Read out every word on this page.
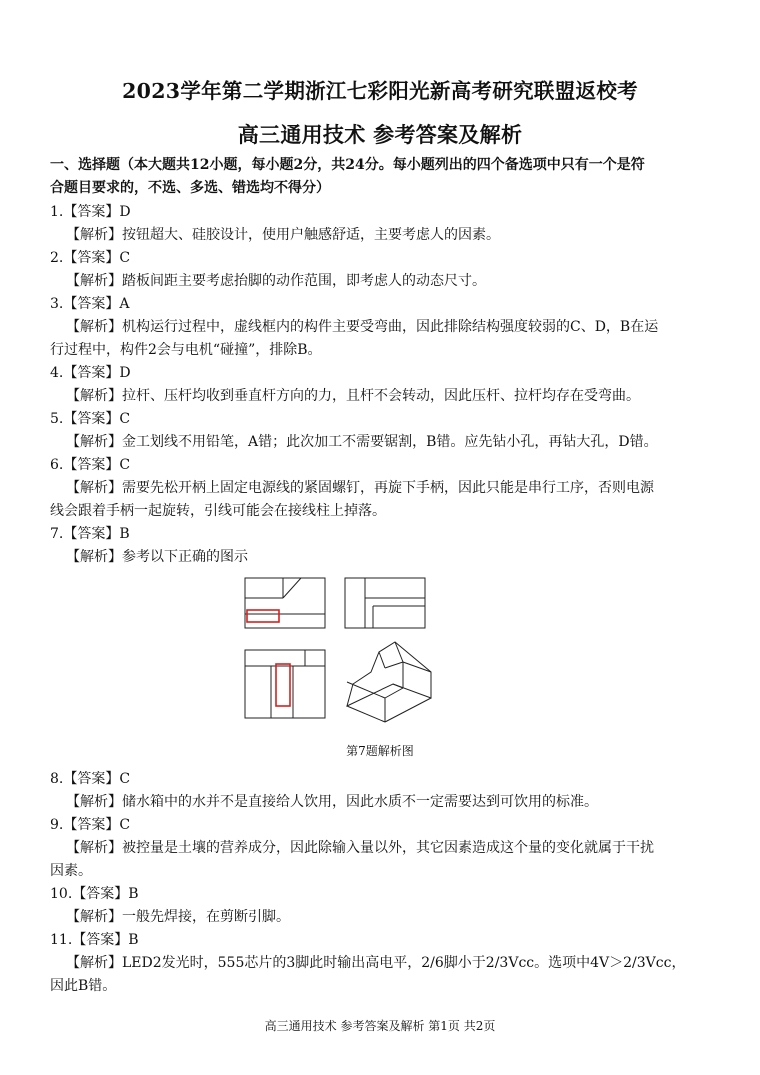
2023学年第二学期浙江七彩阳光新高考研究联盟返校考
高三通用技术 参考答案及解析
一、选择题（本大题共12小题，每小题2分，共24分。每小题列出的四个备选项中只有一个是符
合题目要求的，不选、多选、错选均不得分）
1.【答案】D
【解析】按钮超大、硅胶设计，使用户触感舒适，主要考虑人的因素。
2.【答案】C
【解析】踏板间距主要考虑抬脚的动作范围，即考虑人的动态尺寸。
3.【答案】A
【解析】机构运行过程中，虚线框内的构件主要受弯曲，因此排除结构强度较弱的C、D，B在运
行过程中，构件2会与电机“碰撞”，排除B。
4.【答案】D
【解析】拉杆、压杆均收到垂直杆方向的力，且杆不会转动，因此压杆、拉杆均存在受弯曲。
5.【答案】C
【解析】金工划线不用铅笔，A错；此次加工不需要锯割，B错。应先钻小孔，再钻大孔，D错。
6.【答案】C
【解析】需要先松开柄上固定电源线的紧固螺钉，再旋下手柄，因此只能是串行工序，否则电源
线会跟着手柄一起旋转，引线可能会在接线柱上掉落。
7.【答案】B
【解析】参考以下正确的图示
第7题解析图
8.【答案】C
【解析】储水箱中的水并不是直接给人饮用，因此水质不一定需要达到可饮用的标准。
9.【答案】C
【解析】被控量是土壤的营养成分，因此除输入量以外，其它因素造成这个量的变化就属于干扰
因素。
10.【答案】B
【解析】一般先焊接，在剪断引脚。
11.【答案】B
【解析】LED2发光时，555芯片的3脚此时输出高电平，2/6脚小于2/3Vcc。选项中4V＞2/3Vcc，
因此B错。
高三通用技术 参考答案及解析 第1页 共2页
